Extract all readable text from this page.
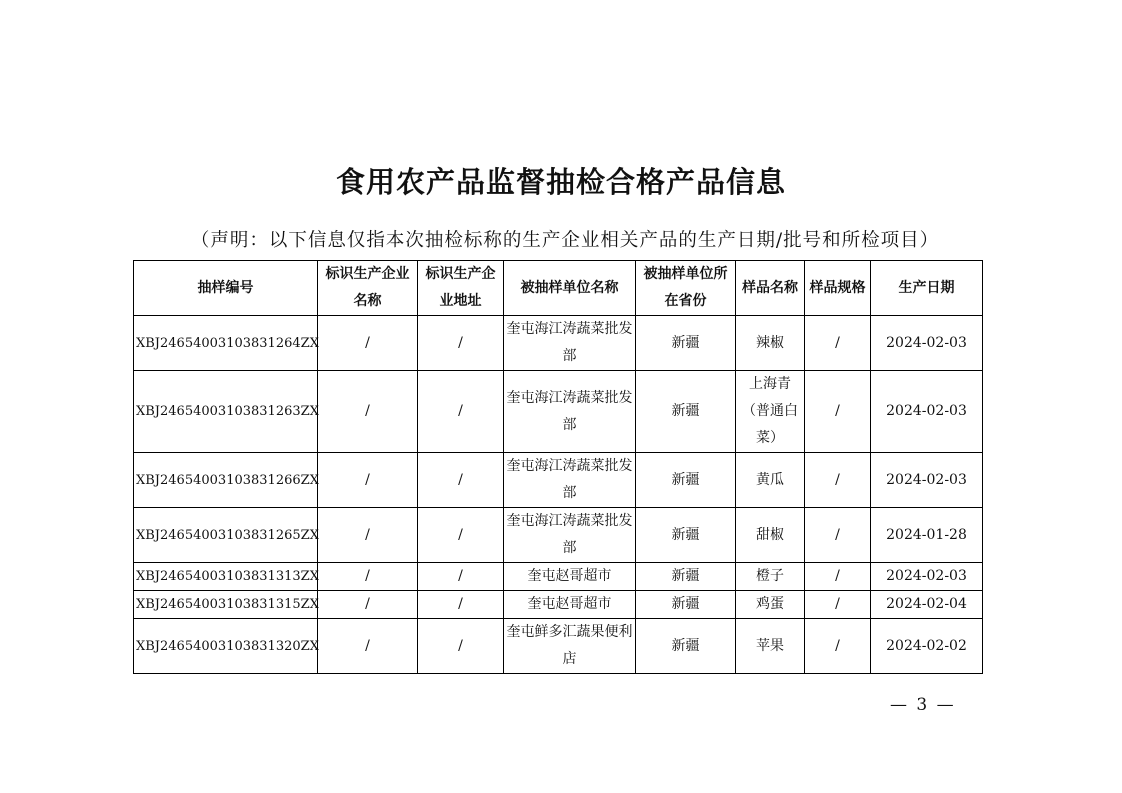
食用农产品监督抽检合格产品信息
（声明：以下信息仅指本次抽检标称的生产企业相关产品的生产日期/批号和所检项目）
抽样编号	标识生产企业名称	标识生产企业地址	被抽样单位名称	被抽样单位所在省份	样品名称	样品规格	生产日期
XBJ24654003103831264ZX	/	/	奎屯海江涛蔬菜批发部	新疆	辣椒	/	2024-02-03
XBJ24654003103831263ZX	/	/	奎屯海江涛蔬菜批发部	新疆	上海青（普通白菜）	/	2024-02-03
XBJ24654003103831266ZX	/	/	奎屯海江涛蔬菜批发部	新疆	黄瓜	/	2024-02-03
XBJ24654003103831265ZX	/	/	奎屯海江涛蔬菜批发部	新疆	甜椒	/	2024-01-28
XBJ24654003103831313ZX	/	/	奎屯赵哥超市	新疆	橙子	/	2024-02-03
XBJ24654003103831315ZX	/	/	奎屯赵哥超市	新疆	鸡蛋	/	2024-02-04
XBJ24654003103831320ZX	/	/	奎屯鲜多汇蔬果便利店	新疆	苹果	/	2024-02-02
— 3 —
